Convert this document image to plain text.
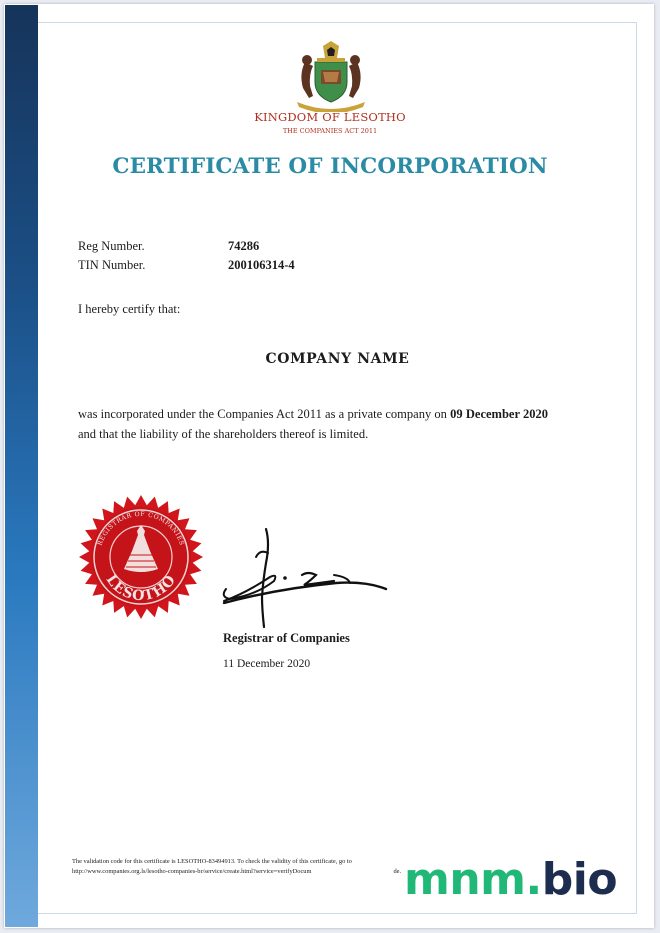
KINGDOM OF LESOTHO
THE COMPANIES ACT 2011
CERTIFICATE OF INCORPORATION
Reg Number.	74286
TIN Number.	200106314-4
I hereby certify that:
COMPANY NAME
was incorporated under the Companies Act 2011 as a private company on 09 December 2020 and that the liability of the shareholders thereof is limited.
REGISTRAR OF COMPANIES
LESOTHO
Registrar of Companies
11 December 2020
The validation code for this certificate is LESOTHO-83494913. To check the validity of this certificate, go to
http://www.companies.org.ls/lesotho-companies-br/service/create.html?service=verifyDocum	de. mnm.bio
